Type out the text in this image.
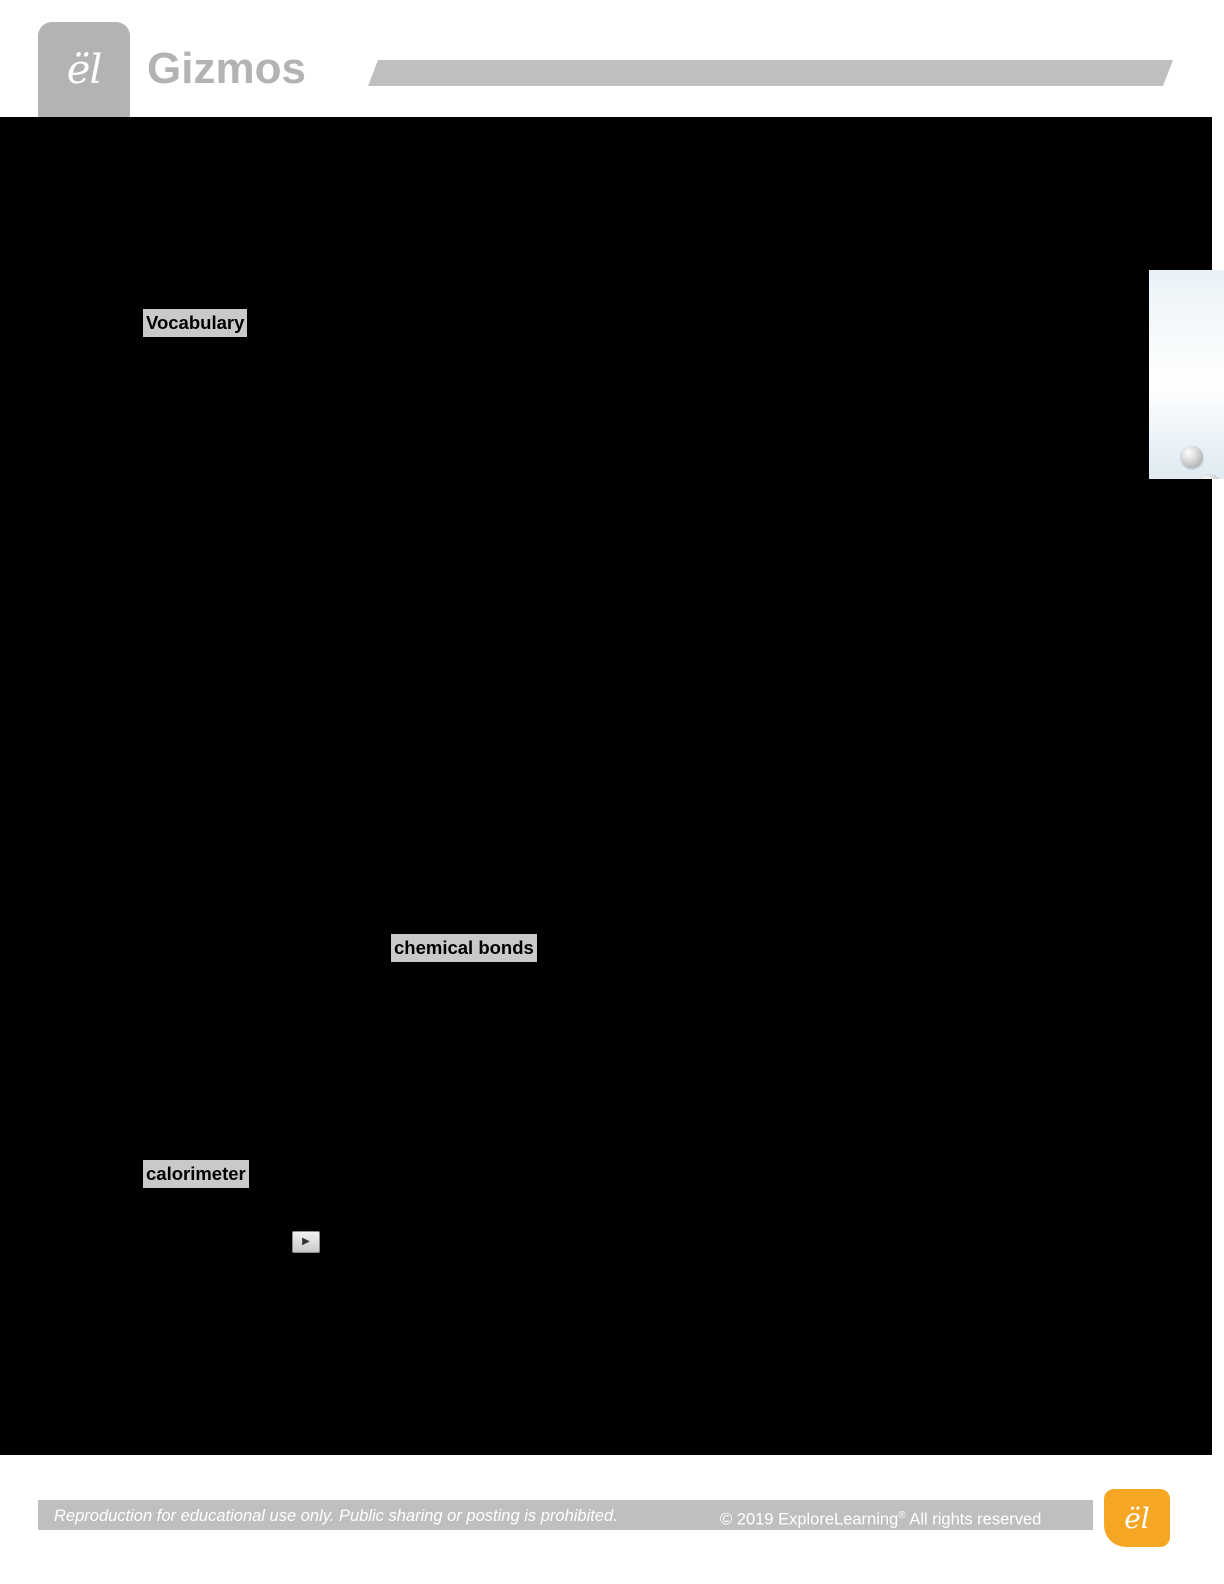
ël	Gizmos
Vocabulary
chemical bonds
calorimeter
▶
Reproduction for educational use only. Public sharing or posting is prohibited.	© 2019 ExploreLearning® All rights reserved	ël
